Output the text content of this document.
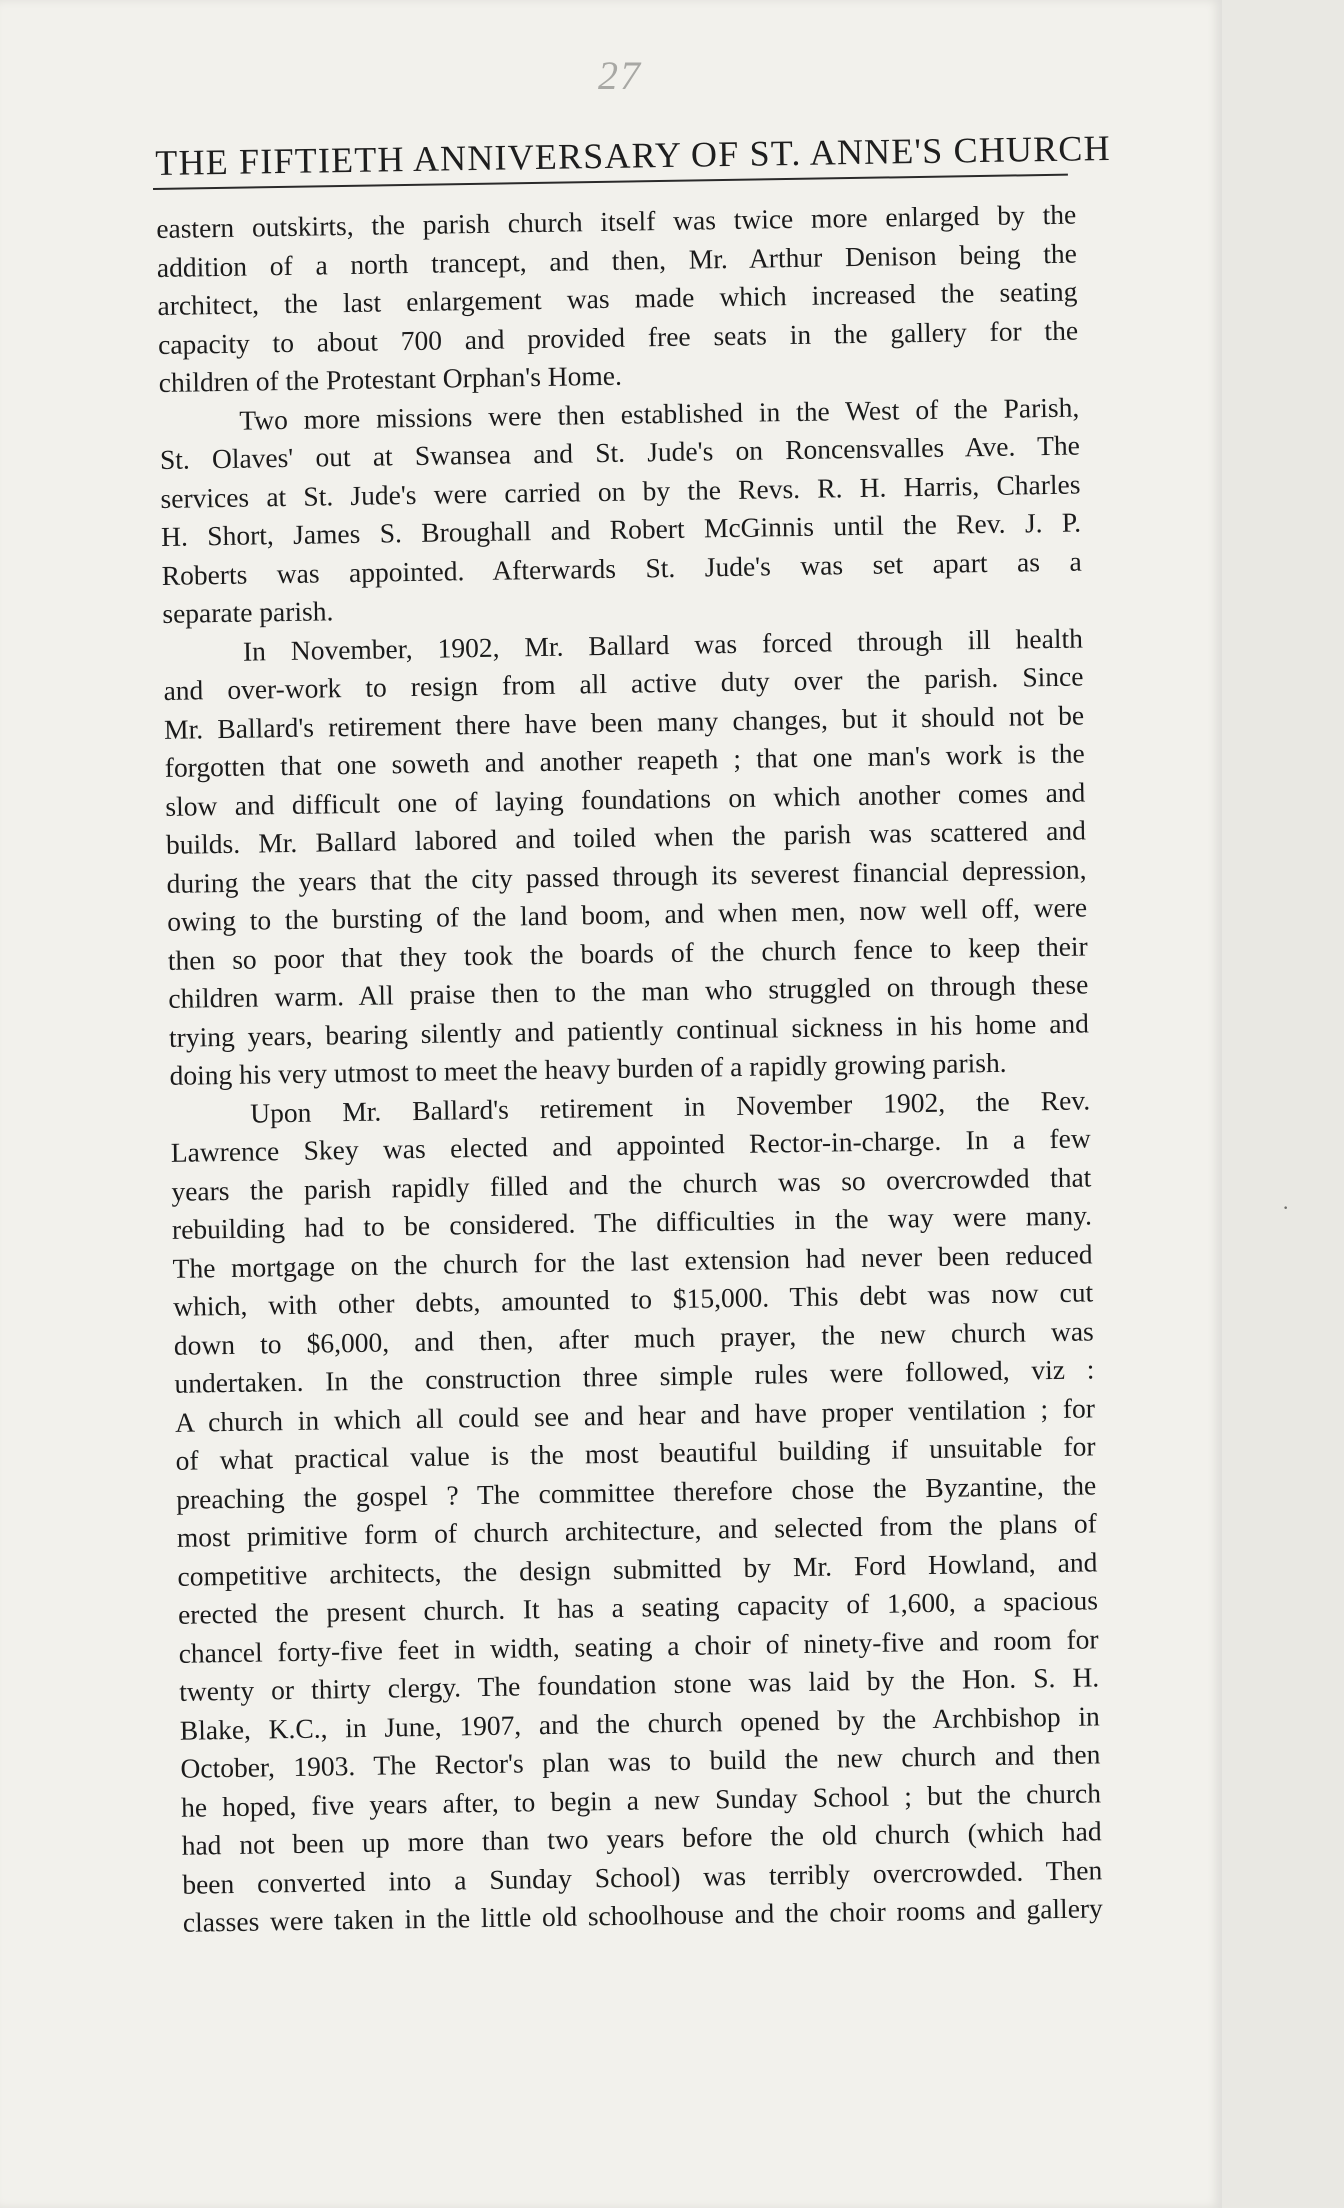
27
THE FIFTIETH ANNIVERSARY OF ST. ANNE'S CHURCH
eastern outskirts, the parish church itself was twice more enlarged by the
addition of a north trancept, and then, Mr. Arthur Denison being the
architect, the last enlargement was made which increased the seating
capacity to about 700 and provided free seats in the gallery for the
children of the Protestant Orphan's Home.
Two more missions were then established in the West of the Parish,
St. Olaves' out at Swansea and St. Jude's on Roncensvalles Ave. The
services at St. Jude's were carried on by the Revs. R. H. Harris, Charles
H. Short, James S. Broughall and Robert McGinnis until the Rev. J. P.
Roberts was appointed. Afterwards St. Jude's was set apart as a
separate parish.
In November, 1902, Mr. Ballard was forced through ill health
and over-work to resign from all active duty over the parish. Since
Mr. Ballard's retirement there have been many changes, but it should not be
forgotten that one soweth and another reapeth ; that one man's work is the
slow and difficult one of laying foundations on which another comes and
builds. Mr. Ballard labored and toiled when the parish was scattered and
during the years that the city passed through its severest financial depression,
owing to the bursting of the land boom, and when men, now well off, were
then so poor that they took the boards of the church fence to keep their
children warm. All praise then to the man who struggled on through these
trying years, bearing silently and patiently continual sickness in his home and
doing his very utmost to meet the heavy burden of a rapidly growing parish.
Upon Mr. Ballard's retirement in November 1902, the Rev.
Lawrence Skey was elected and appointed Rector-in-charge. In a few
years the parish rapidly filled and the church was so overcrowded that
rebuilding had to be considered. The difficulties in the way were many.
The mortgage on the church for the last extension had never been reduced
which, with other debts, amounted to $15,000. This debt was now cut
down to $6,000, and then, after much prayer, the new church was
undertaken. In the construction three simple rules were followed, viz :
A church in which all could see and hear and have proper ventilation ; for
of what practical value is the most beautiful building if unsuitable for
preaching the gospel ? The committee therefore chose the Byzantine, the
most primitive form of church architecture, and selected from the plans of
competitive architects, the design submitted by Mr. Ford Howland, and
erected the present church. It has a seating capacity of 1,600, a spacious
chancel forty-five feet in width, seating a choir of ninety-five and room for
twenty or thirty clergy. The foundation stone was laid by the Hon. S. H.
Blake, K.C., in June, 1907, and the church opened by the Archbishop in
October, 1903. The Rector's plan was to build the new church and then
he hoped, five years after, to begin a new Sunday School ; but the church
had not been up more than two years before the old church (which had
been converted into a Sunday School) was terribly overcrowded. Then
classes were taken in the little old schoolhouse and the choir rooms and gallery
·
